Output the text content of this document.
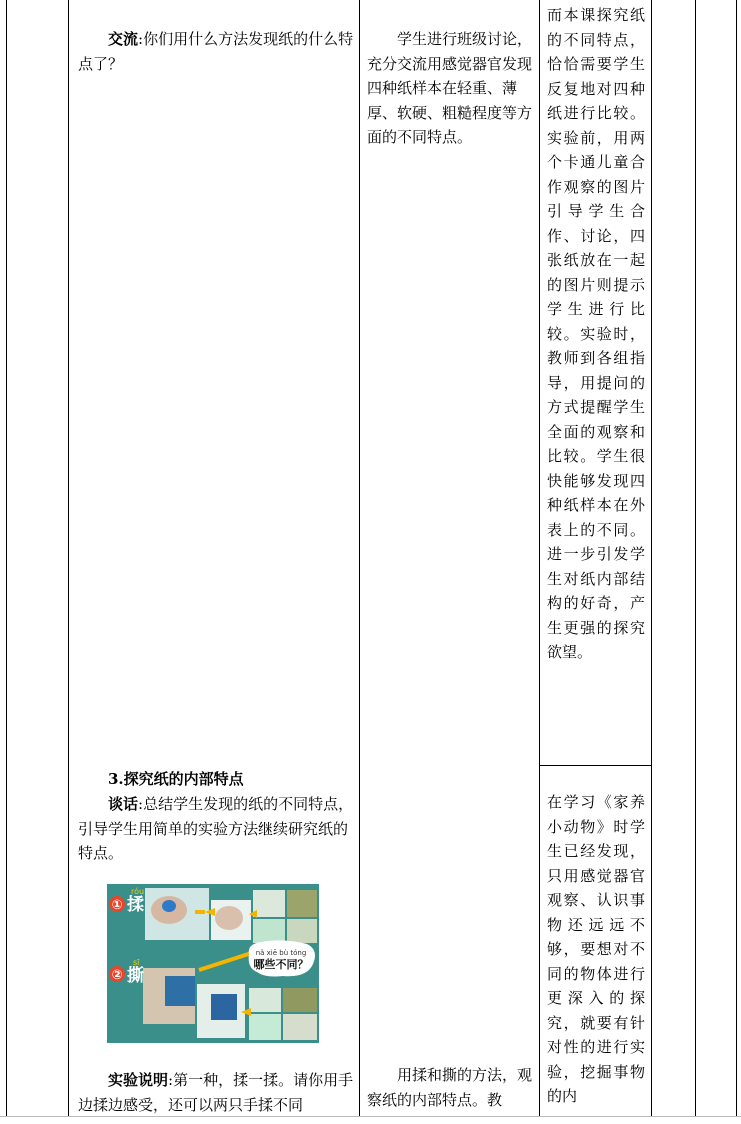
交流:你们用什么方法发现纸的什么特点了？
3.探究纸的内部特点
谈话:总结学生发现的纸的不同特点，引导学生用简单的实验方法继续研究纸的特点。
①
②
róu
揉
sī
撕
nǎ xiē bù tóng
哪些不同？
实验说明:第一种，揉一揉。请你用手边揉边感受，还可以两只手揉不同
学生进行班级讨论，充分交流用感觉器官发现四种纸样本在轻重、薄厚、软硬、粗糙程度等方面的不同特点。
用揉和撕的方法，观察纸的内部特点。教
而本课探究纸的不同特点，恰恰需要学生反复地对四种纸进行比较。实验前，用两个卡通儿童合作观察的图片引导学生合作、讨论，四张纸放在一起的图片则提示学生进行比较。实验时，教师到各组指导，用提问的方式提醒学生全面的观察和比较。学生很快能够发现四种纸样本在外表上的不同。进一步引发学生对纸内部结构的好奇，产生更强的探究欲望。
在学习《家养小动物》时学生已经发现，只用感觉器官观察、认识事物还远远不够，要想对不同的物体进行更深入的探究，就要有针对性的进行实验，挖掘事物的内
